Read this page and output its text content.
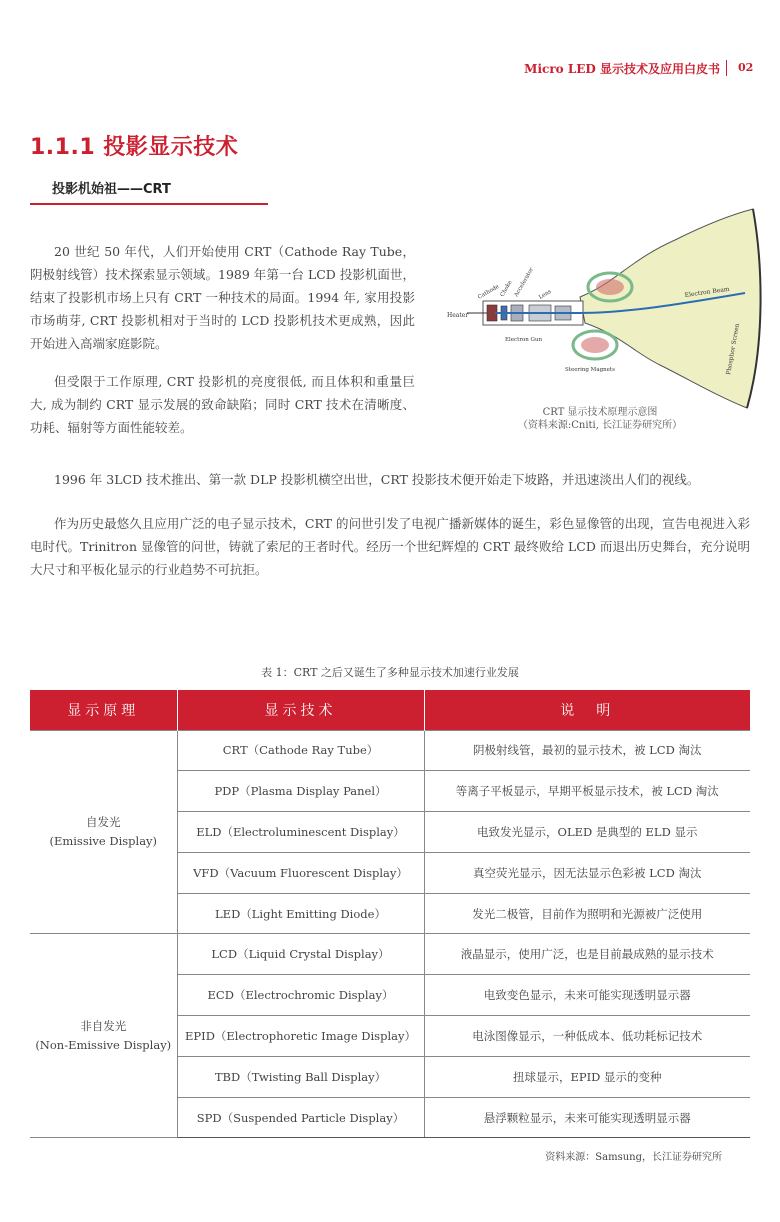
Micro LED 显示技术及应用白皮书 02
1.1.1 投影显示技术
投影机始祖——CRT

20 世纪 50 年代，人们开始使用 CRT（Cathode Ray Tube，阴极射线管）技术探索显示领域。1989 年第一台 LCD 投影机面世，结束了投影机市场上只有 CRT 一种技术的局面。1994 年, 家用投影市场萌芽, CRT 投影机相对于当时的 LCD 投影机技术更成熟，因此开始进入高端家庭影院。

但受限于工作原理, CRT 投影机的亮度很低, 而且体积和重量巨大, 成为制约 CRT 显示发展的致命缺陷；同时 CRT 技术在清晰度、功耗、辐射等方面性能较差。

1996 年 3LCD 技术推出、第一款 DLP 投影机横空出世，CRT 投影技术便开始走下坡路，并迅速淡出人们的视线。

作为历史最悠久且应用广泛的电子显示技术，CRT 的问世引发了电视广播新媒体的诞生，彩色显像管的出现，宣告电视进入彩电时代。Trinitron 显像管的问世，铸就了索尼的王者时代。经历一个世纪辉煌的 CRT 最终败给 LCD 而退出历史舞台，充分说明大尺寸和平板化显示的行业趋势不可抗拒。

Heater
Cathode Choke Accelerator Lens
Electron Gun
Steering Magnets
Electron Beam
Phosphor Screen
CRT 显示技术原理示意图
（资料来源:Cniti, 长江证券研究所）
表 1：CRT 之后又诞生了多种显示技术加速行业发展
显示原理	显示技术	说　明

自发光
(Emissive Display)	CRT（Cathode Ray Tube）	阴极射线管，最初的显示技术，被 LCD 淘汰
	PDP（Plasma Display Panel）	等离子平板显示，早期平板显示技术，被 LCD 淘汰
	ELD（Electroluminescent Display）	电致发光显示，OLED 是典型的 ELD 显示
	VFD（Vacuum Fluorescent Display）	真空荧光显示，因无法显示色彩被 LCD 淘汰
	LED（Light Emitting Diode）	发光二极管，目前作为照明和光源被广泛使用

非自发光
(Non-Emissive Display)	LCD（Liquid Crystal Display）	液晶显示，使用广泛，也是目前最成熟的显示技术
	ECD（Electrochromic Display）	电致变色显示，未来可能实现透明显示器
	EPID（Electrophoretic Image Display）	电泳图像显示，一种低成本、低功耗标记技术
	TBD（Twisting Ball Display）	扭球显示，EPID 显示的变种
	SPD（Suspended Particle Display）	悬浮颗粒显示，未来可能实现透明显示器
资料来源：Samsung，长江证券研究所
